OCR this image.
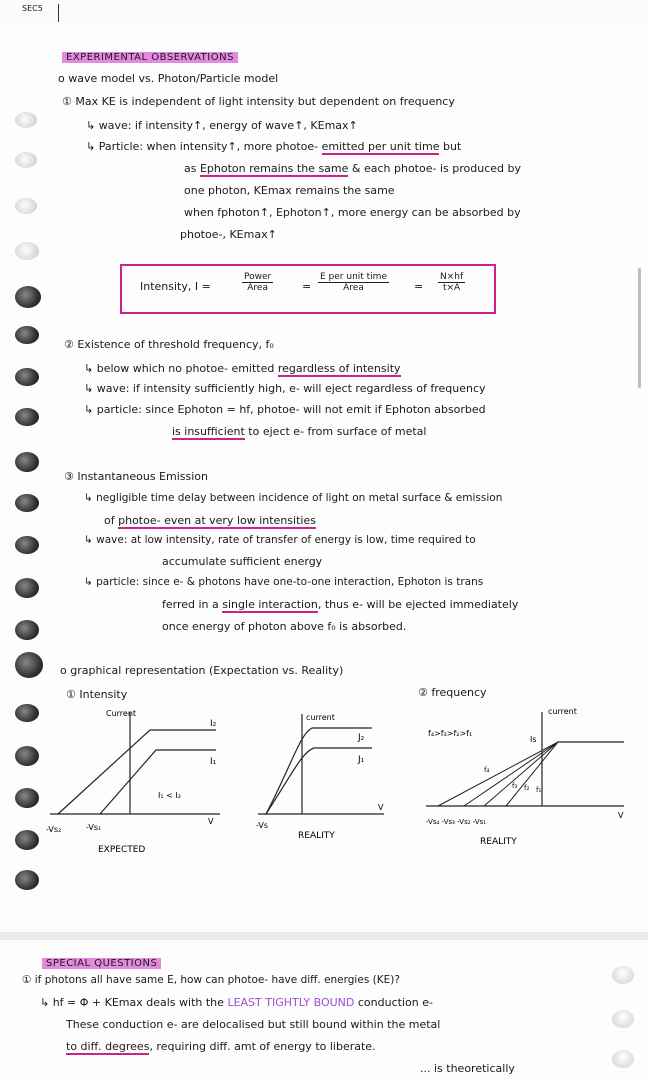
SEC5
EXPERIMENTAL OBSERVATIONS
o wave model vs. Photon/Particle model
① Max KE is independent of light intensity but dependent on frequency
↳ wave: if intensity↑, energy of wave↑, KEmax↑
↳ Particle: when intensity↑, more photoe- emitted per unit time but
as Ephoton remains the same & each photoe- is produced by
one photon, KEmax remains the same
when fphoton↑, Ephoton↑, more energy can be absorbed by
photoe-, KEmax↑
Intensity, I =
Power
Area	=
E per unit time
Area	= $\frac{N\times hf}{t\times A}$
② Existence of threshold frequency, f₀
↳ below which no photoe- emitted regardless of intensity
↳ wave: if intensity sufficiently high, e- will eject regardless of frequency
↳ particle: since Ephoton = hf, photoe- will not emit if Ephoton absorbed
is insufficient to eject e- from surface of metal
③ Instantaneous Emission
↳ negligible time delay between incidence of light on metal surface & emission
of photoe- even at very low intensities
↳ wave: at low intensity, rate of transfer of energy is low, time required to
accumulate sufficient energy
↳ particle: since e- & photons have one-to-one interaction, Ephoton is trans
ferred in a single interaction, thus e- will be ejected immediately
once energy of photon above f₀ is absorbed.
o graphical representation (Expectation vs. Reality)
① Intensity	② frequency
Current
I₂
I₁
I₁ < I₂
V
-Vs₂	-Vs₁
EXPECTED
current
J₂
J₁
V
-Vs
REALITY
current
f₄>f₃>f₂>f₁
Is
f₄
f₃ f₂ f₁
V
-Vs₄ -Vs₃ -Vs₂ -Vs₁
REALITY
SPECIAL QUESTIONS
① if photons all have same E, how can photoe- have diff. energies (KE)?
↳ hf = Φ + KEmax deals with the LEAST TIGHTLY BOUND conduction e-
These conduction e- are delocalised but still bound within the metal
to diff. degrees, requiring diff. amt of energy to liberate.
... is theoretically
